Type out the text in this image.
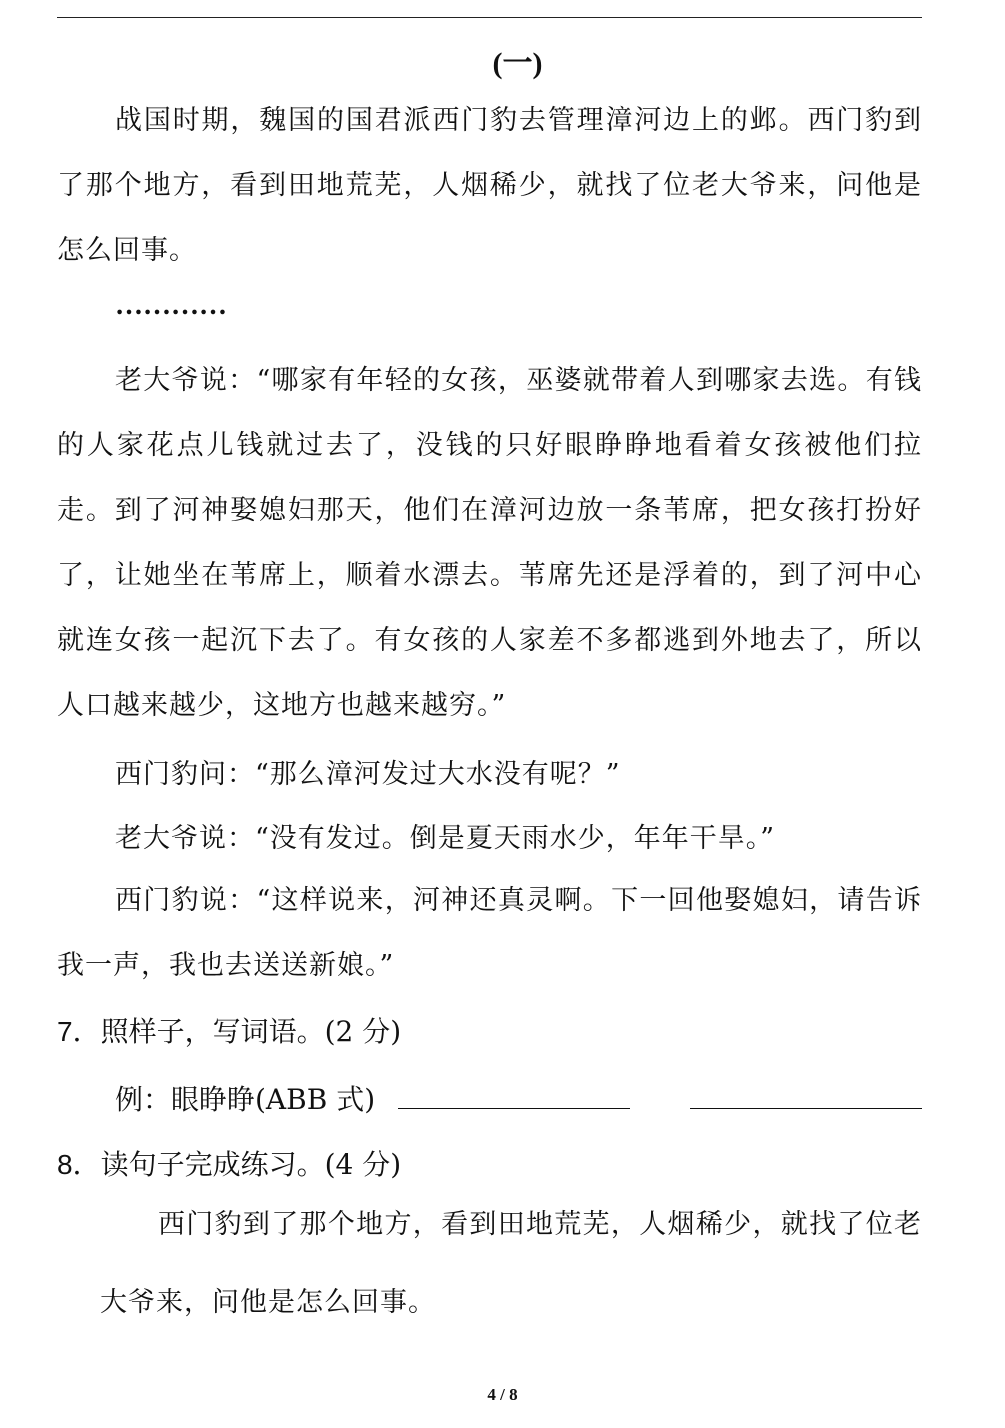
(一)
战国时期，魏国的国君派西门豹去管理漳河边上的邺。西门豹到了那个地方，看到田地荒芜，人烟稀少，就找了位老大爷来，问他是怎么回事。
…………
老大爷说：“哪家有年轻的女孩，巫婆就带着人到哪家去选。有钱的人家花点儿钱就过去了，没钱的只好眼睁睁地看着女孩被他们拉走。到了河神娶媳妇那天，他们在漳河边放一条苇席，把女孩打扮好了，让她坐在苇席上，顺着水漂去。苇席先还是浮着的，到了河中心就连女孩一起沉下去了。有女孩的人家差不多都逃到外地去了，所以人口越来越少，这地方也越来越穷。”
西门豹问：“那么漳河发过大水没有呢？”
老大爷说：“没有发过。倒是夏天雨水少，年年干旱。”
西门豹说：“这样说来，河神还真灵啊。下一回他娶媳妇，请告诉我一声，我也去送送新娘。”
7．照样子，写词语。(2 分)
例：眼睁睁(ABB 式)
8．读句子完成练习。(4 分)
西门豹到了那个地方，看到田地荒芜，人烟稀少，就找了位老大爷来，问他是怎么回事。
4 / 8
